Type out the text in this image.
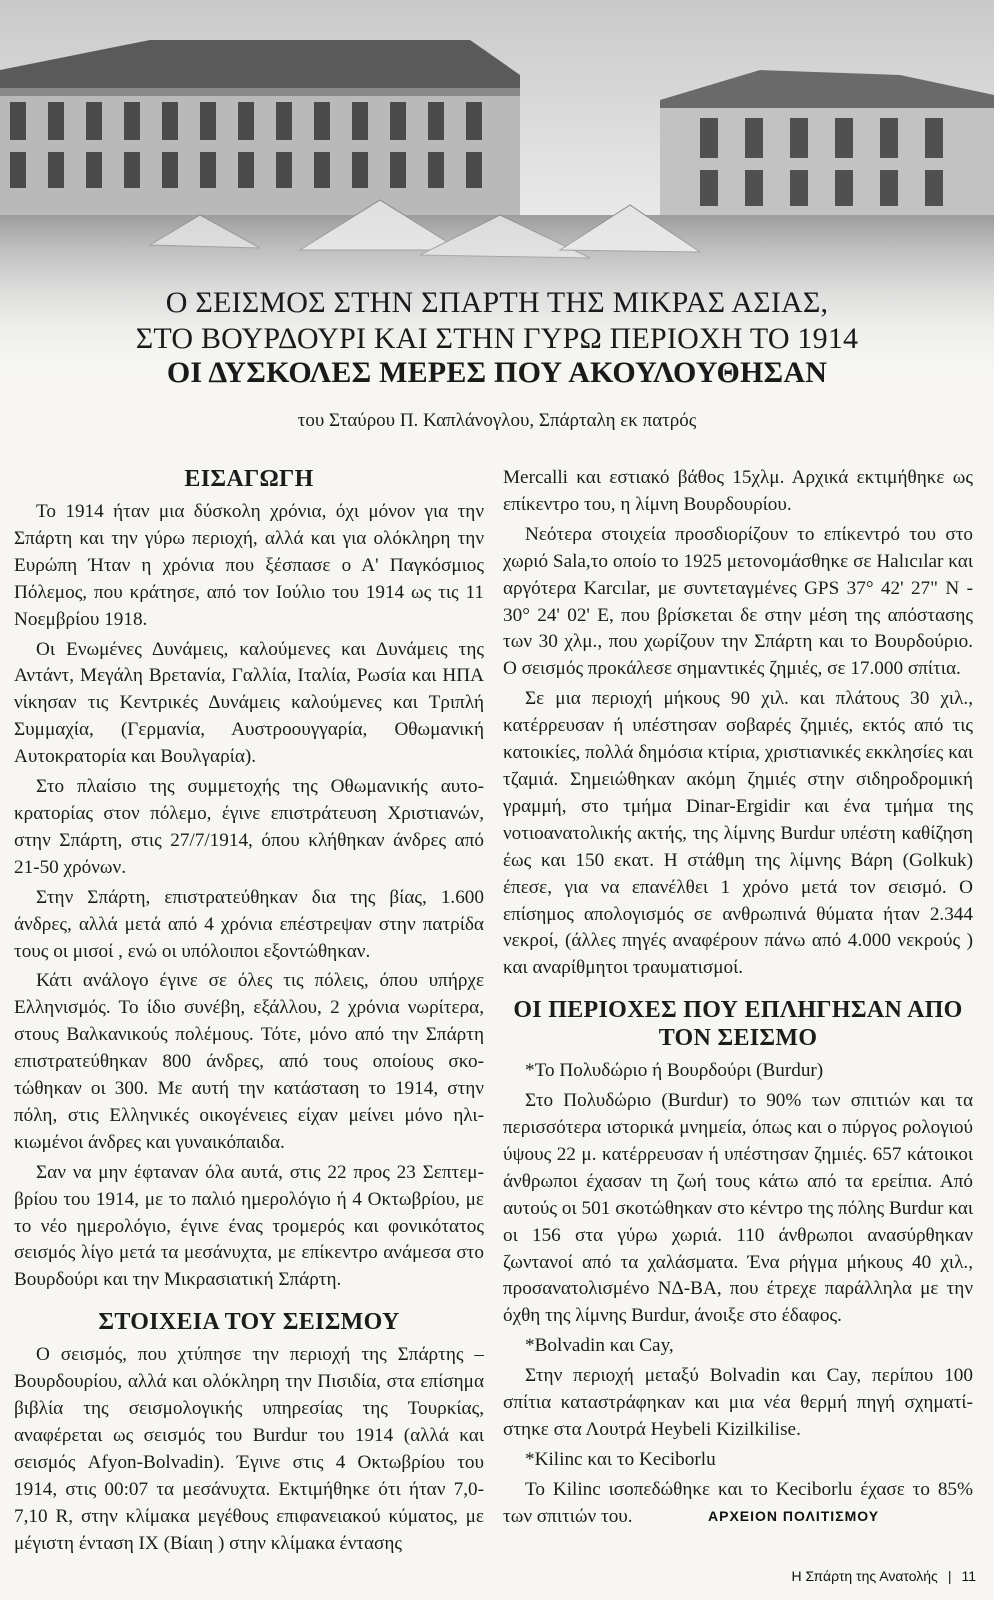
Ο ΣΕΙΣΜΟΣ ΣΤΗΝ ΣΠΑΡΤΗ ΤΗΣ ΜΙΚΡΑΣ ΑΣΙΑΣ,
ΣΤΟ ΒΟΥΡΔΟΥΡΙ ΚΑΙ ΣΤΗΝ ΓΥΡΩ ΠΕΡΙΟΧΗ ΤΟ 1914
ΟΙ ΔΥΣΚΟΛΕΣ ΜΕΡΕΣ ΠΟΥ ΑΚΟΥΛΟΥΘΗΣΑΝ
του Σταύρου Π. Καπλάνογλου, Σπάρταλη εκ πατρός
ΕΙΣΑΓΩΓΗ

Το 1914 ήταν μια δύσκολη χρόνια, όχι μόνον για την Σπάρτη και την γύρω περιοχή, αλλά και για ολόκληρη την Ευρώπη Ήταν η χρόνια που ξέσπασε ο Α' Παγκόσμιος Πόλεμος, που κράτησε, από τον Ιούλιο του 1914 ως τις 11 Νοεμβρίου 1918.

Οι Ενωμένες Δυνάμεις, καλούμενες και Δυνάμεις της Αντάντ, Μεγάλη Βρετανία, Γαλλία, Ιταλία, Ρωσία και ΗΠΑ νίκησαν τις Κεντρικές Δυνάμεις καλούμενες και Τριπλή Συμμαχία, (Γερμανία, Αυστροουγγαρία, Οθωμανική Αυτοκρατορία και Βουλγαρία).

Στο πλαίσιο της συμμετοχής της Οθωμανικής αυτοκρατορίας στον πόλεμο, έγινε επιστράτευση Χριστιανών, στην Σπάρτη, στις 27/7/1914, όπου κλήθηκαν άνδρες από 21-50 χρόνων.

Στην Σπάρτη, επιστρατεύθηκαν δια της βίας, 1.600 άνδρες, αλλά μετά από 4 χρόνια επέστρεψαν στην πατρίδα τους οι μισοί , ενώ οι υπόλοιποι εξοντώθηκαν.

Κάτι ανάλογο έγινε σε όλες τις πόλεις, όπου υπήρχε Ελληνισμός. Το ίδιο συνέβη, εξάλλου, 2 χρόνια νωρίτερα, στους Βαλκανικούς πολέμους. Τότε, μόνο από την Σπάρτη επιστρατεύθηκαν 800 άνδρες, από τους οποίους σκοτώθηκαν οι 300. Με αυτή την κατάσταση το 1914, στην πόλη, στις Ελληνικές οικογένειες είχαν μείνει μόνο ηλικιωμένοι άνδρες και γυναικόπαιδα.

Σαν να μην έφταναν όλα αυτά, στις 22 προς 23 Σεπτεμβρίου του 1914, με το παλιό ημερολόγιο ή 4 Οκτωβρίου, με το νέο ημερολόγιο, έγινε ένας τρομερός και φονικότατος σεισμός λίγο μετά τα μεσάνυχτα, με επίκεντρο ανάμεσα στο Βουρδούρι και την Μικρασιατική Σπάρτη.

ΣΤΟΙΧΕΙΑ ΤΟΥ ΣΕΙΣΜΟΥ

Ο σεισμός, που χτύπησε την περιοχή της Σπάρτης – Βουρδουρίου, αλλά και ολόκληρη την Πισιδία, στα επίσημα βιβλία της σεισμολογικής υπηρεσίας της Τουρκίας, αναφέρεται ως σεισμός του Burdur του 1914 (αλλά και σεισμός Afyon-Bolvadin). Έγινε στις 4 Οκτωβρίου του 1914, στις 00:07 τα μεσάνυχτα. Εκτιμήθηκε ότι ήταν 7,0-7,10 R, στην κλίμακα μεγέθους επιφανειακού κύματος, με μέγιστη ένταση IX (Βίαιη ) στην κλίμακα έντασης

Mercalli και εστιακό βάθος 15χλμ. Αρχικά εκτιμήθηκε ως επίκεντρο του, η λίμνη Βουρδουρίου.

Νεότερα στοιχεία προσδιορίζουν το επίκεντρό του στο χωριό Sala,το οποίο το 1925 μετονομάσθηκε σε Halıcılar και αργότερα Karcılar, με συντεταγμένες GPS 37° 42' 27" N - 30° 24' 02' E, που βρίσκεται δε στην μέση της απόστασης των 30 χλμ., που χωρίζουν την Σπάρτη και το Βουρδούριο. Ο σεισμός προκάλεσε σημαντικές ζημιές, σε 17.000 σπίτια.

Σε μια περιοχή μήκους 90 χιλ. και πλάτους 30 χιλ., κατέρρευσαν ή υπέστησαν σοβαρές ζημιές, εκτός από τις κατοικίες, πολλά δημόσια κτίρια, χριστιανικές εκκλησίες και τζαμιά. Σημειώθηκαν ακόμη ζημιές στην σιδηροδρομική γραμμή, στο τμήμα Dinar-Ergidir και ένα τμήμα της νοτιοανατολικής ακτής, της λίμνης Burdur υπέστη καθίζηση έως και 150 εκατ. Η στάθμη της λίμνης Βάρη (Golkuk) έπεσε, για να επανέλθει 1 χρόνο μετά τον σεισμό. Ο επίσημος απολογισμός σε ανθρωπινά θύματα ήταν 2.344 νεκροί, (άλλες πηγές αναφέρουν πάνω από 4.000 νεκρούς ) και αναρίθμητοι τραυματισμοί.

ΟΙ ΠΕΡΙΟΧΕΣ ΠΟΥ ΕΠΛΗΓΗΣΑΝ ΑΠΟ
ΤΟΝ ΣΕΙΣΜΟ

*Το Πολυδώριο ή Βουρδούρι (Burdur)

Στο Πολυδώριο (Burdur) το 90% των σπιτιών και τα περισσότερα ιστορικά μνημεία, όπως και ο πύργος ρολογιού ύψους 22 μ. κατέρρευσαν ή υπέστησαν ζημιές. 657 κάτοικοι άνθρωποι έχασαν τη ζωή τους κάτω από τα ερείπια. Από αυτούς οι 501 σκοτώθηκαν στο κέντρο της πόλης Burdur και οι 156 στα γύρω χωριά. 110 άνθρωποι ανασύρθηκαν ζωντανοί από τα χαλάσματα. Ένα ρήγμα μήκους 40 χιλ., προσανατολισμένο ΝΔ-ΒΑ, που έτρεχε παράλληλα με την όχθη της λίμνης Burdur, άνοιξε στο έδαφος.

*Bolvadin και Cay,

Στην περιοχή μεταξύ Bolvadin και Cay, περίπου 100 σπίτια καταστράφηκαν και μια νέα θερμή πηγή σχηματίστηκε στα Λουτρά Heybeli Kizilkilise.

*Kilinc και το Keciborlu

Το Kilinc ισοπεδώθηκε και το Keciborlu έχασε το 85% των σπιτιών του.	ΑΡΧΕΙΟΝ ΠΟΛΙΤΙΣΜΟΥ
Η Σπάρτη της Ανατολής | 11
